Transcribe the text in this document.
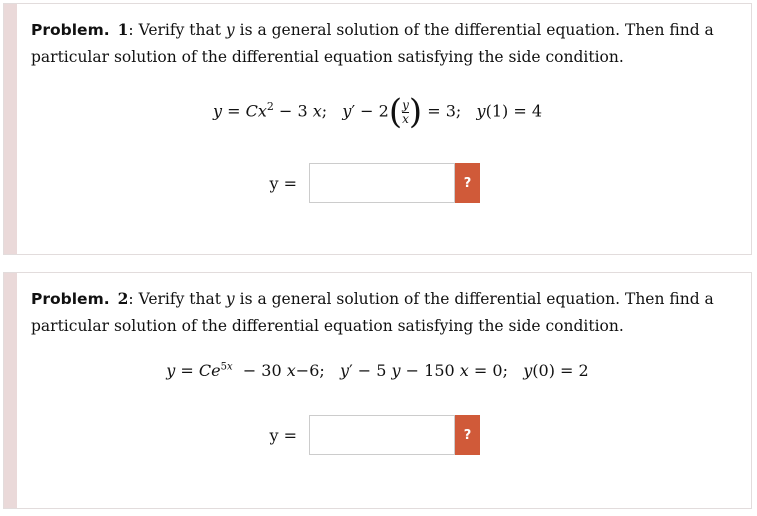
Problem. 1: Verify that y is a general solution of the differential equation. Then find a particular solution of the differential equation satisfying the side condition.
$y = Cx^2 - 3$ x;   $y' - 2( \frac{y}{x}$ ) = 3;   y(1) = 4
y =	?
Problem. 2: Verify that y is a general solution of the differential equation. Then find a particular solution of the differential equation satisfying the side condition.
$y = Ce^{5x} - 30$ x−6;   y′ − 5 y − 150 x = 0;   y(0) = 2
y =	?
